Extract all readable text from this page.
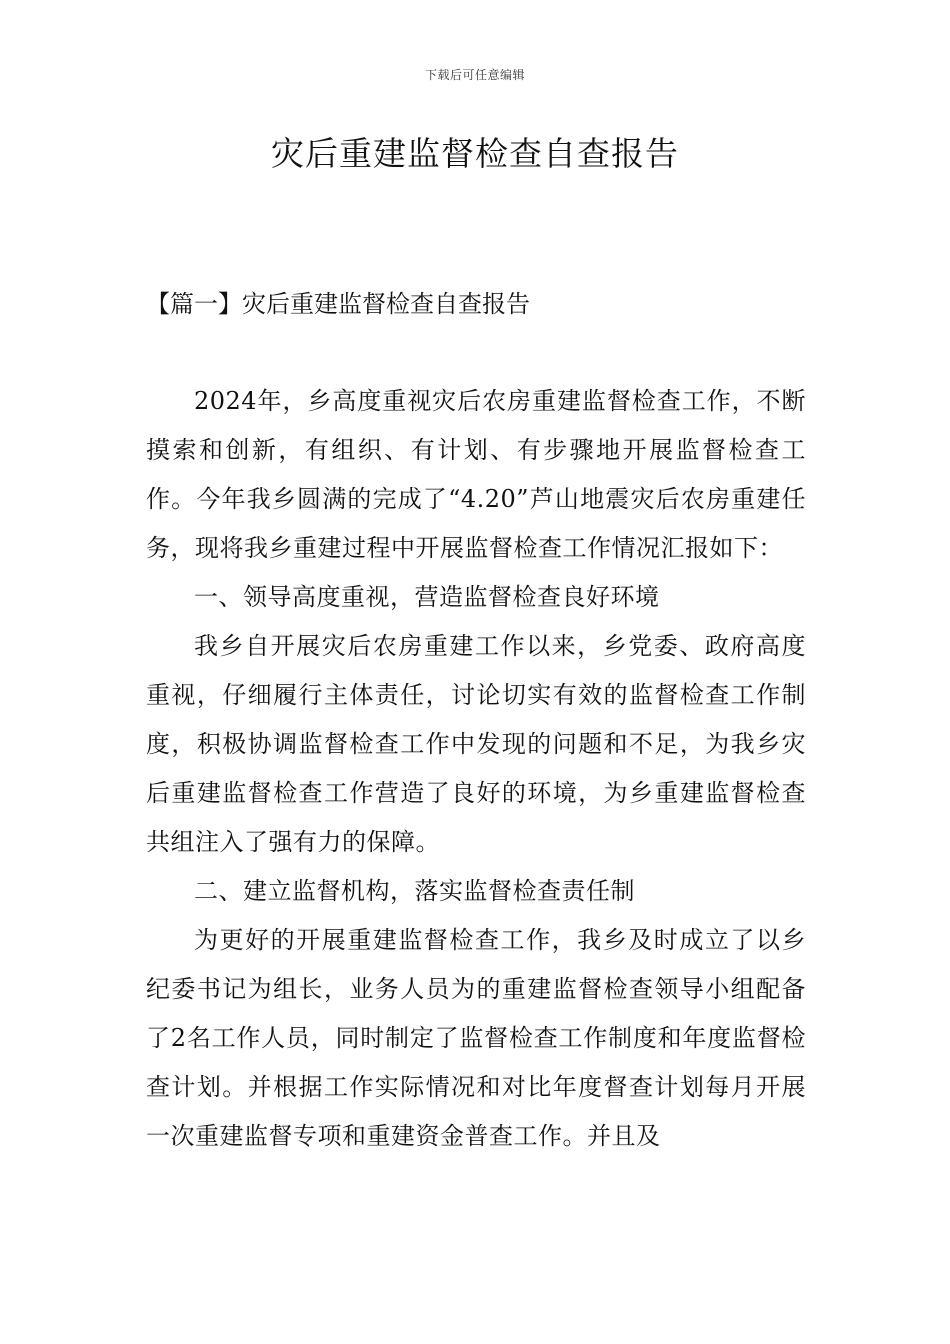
下载后可任意编辑
灾后重建监督检查自查报告
【篇一】灾后重建监督检查自查报告

2024年，乡高度重视灾后农房重建监督检查工作，不断摸索和创新，有组织、有计划、有步骤地开展监督检查工作。今年我乡圆满的完成了“4.20”芦山地震灾后农房重建任务，现将我乡重建过程中开展监督检查工作情况汇报如下：

一、领导高度重视，营造监督检查良好环境

我乡自开展灾后农房重建工作以来，乡党委、政府高度重视，仔细履行主体责任，讨论切实有效的监督检查工作制度，积极协调监督检查工作中发现的问题和不足，为我乡灾后重建监督检查工作营造了良好的环境，为乡重建监督检查共组注入了强有力的保障。

二、建立监督机构，落实监督检查责任制

为更好的开展重建监督检查工作，我乡及时成立了以乡纪委书记为组长，业务人员为的重建监督检查领导小组配备了2名工作人员，同时制定了监督检查工作制度和年度监督检查计划。并根据工作实际情况和对比年度督查计划每月开展一次重建监督专项和重建资金普查工作。并且及
